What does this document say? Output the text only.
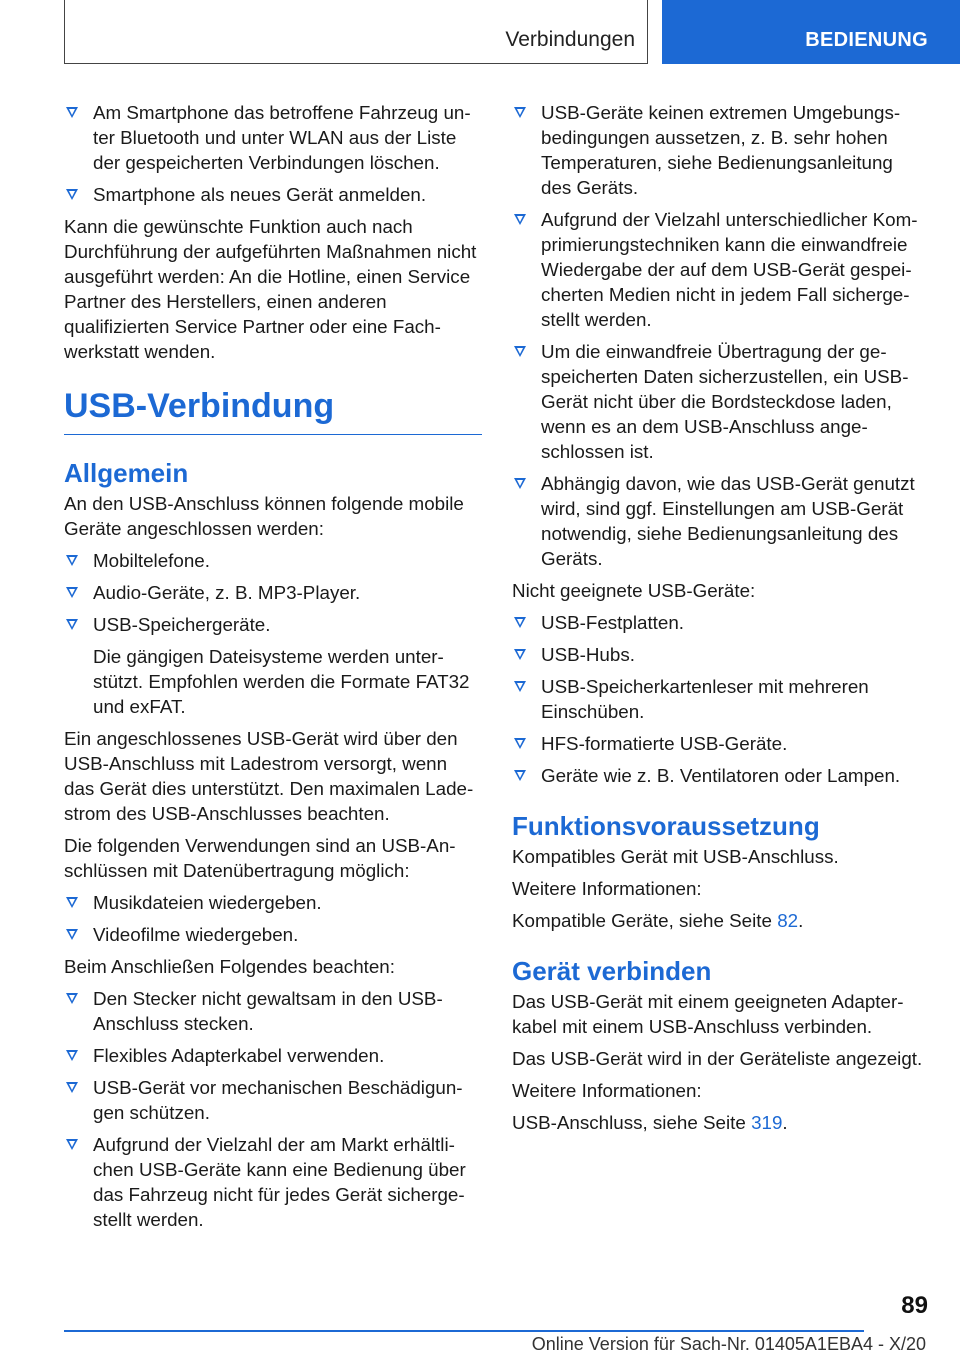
Verbindungen	BEDIENUNG
Am Smartphone das betroffene Fahrzeug unter Bluetooth und unter WLAN aus der Liste der gespeicherten Verbindungen löschen.
Smartphone als neues Gerät anmelden.

Kann die gewünschte Funktion auch nach Durchführung der aufgeführten Maßnahmen nicht ausgeführt werden: An die Hotline, einen Service Partner des Herstellers, einen anderen qualifizierten Service Partner oder eine Fachwerkstatt wenden.

USB-Verbindung
Allgemein

An den USB-Anschluss können folgende mobile Geräte angeschlossen werden:

Mobiltelefone.
Audio-Geräte, z. B. MP3-Player.
USB-Speichergeräte.
Die gängigen Dateisysteme werden unterstützt. Empfohlen werden die Formate FAT32 und exFAT.

Ein angeschlossenes USB-Gerät wird über den USB-Anschluss mit Ladestrom versorgt, wenn das Gerät dies unterstützt. Den maximalen Ladestrom des USB-Anschlusses beachten.

Die folgenden Verwendungen sind an USB-Anschlüssen mit Datenübertragung möglich:

Musikdateien wiedergeben.
Videofilme wiedergeben.

Beim Anschließen Folgendes beachten:

Den Stecker nicht gewaltsam in den USB-Anschluss stecken.
Flexibles Adapterkabel verwenden.
USB-Gerät vor mechanischen Beschädigungen schützen.
Aufgrund der Vielzahl der am Markt erhältlichen USB-Geräte kann eine Bedienung über das Fahrzeug nicht für jedes Gerät sichergestellt werden.
USB-Geräte keinen extremen Umgebungsbedingungen aussetzen, z. B. sehr hohen Temperaturen, siehe Bedienungsanleitung des Geräts.
Aufgrund der Vielzahl unterschiedlicher Komprimierungstechniken kann die einwandfreie Wiedergabe der auf dem USB-Gerät gespeicherten Medien nicht in jedem Fall sichergestellt werden.
Um die einwandfreie Übertragung der gespeicherten Daten sicherzustellen, ein USB-Gerät nicht über die Bordsteckdose laden, wenn es an dem USB-Anschluss angeschlossen ist.
Abhängig davon, wie das USB-Gerät genutzt wird, sind ggf. Einstellungen am USB-Gerät notwendig, siehe Bedienungsanleitung des Geräts.

Nicht geeignete USB-Geräte:

USB-Festplatten.
USB-Hubs.
USB-Speicherkartenleser mit mehreren Einschüben.
HFS-formatierte USB-Geräte.
Geräte wie z. B. Ventilatoren oder Lampen.
Funktionsvoraussetzung

Kompatibles Gerät mit USB-Anschluss.

Weitere Informationen:

Kompatible Geräte, siehe Seite 82.

Gerät verbinden

Das USB-Gerät mit einem geeigneten Adapterkabel mit einem USB-Anschluss verbinden.

Das USB-Gerät wird in der Geräteliste angezeigt.

Weitere Informationen:

USB-Anschluss, siehe Seite 319.

89
Online Version für Sach-Nr. 01405A1EBA4 - X/20
